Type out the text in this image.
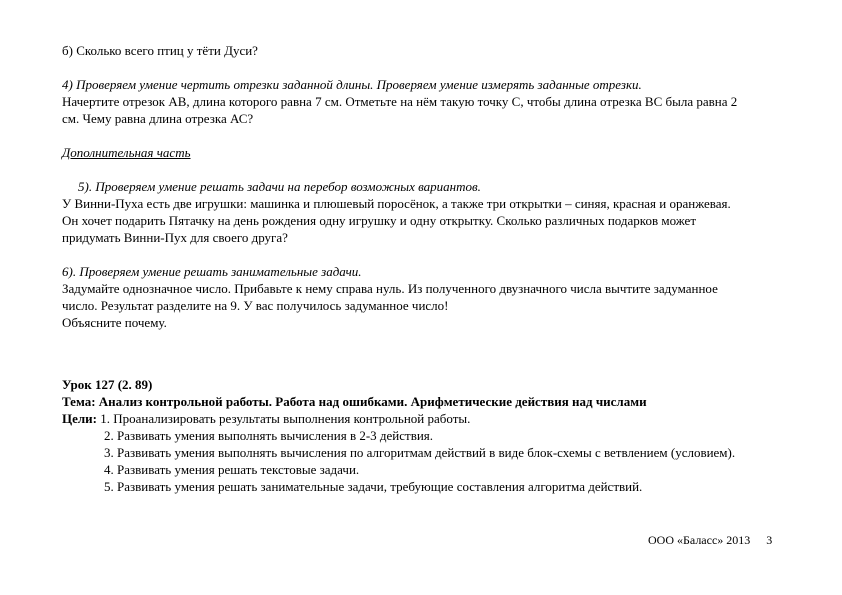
б) Сколько всего птиц у тёти Дуси?
4) Проверяем умение чертить отрезки заданной длины. Проверяем умение измерять заданные отрезки.
Начертите отрезок АВ, длина которого равна 7 см. Отметьте на нём такую точку С, чтобы длина отрезка ВС была равна 2
см. Чему равна длина отрезка АС?
Дополнительная часть
5). Проверяем умение решать задачи на перебор возможных вариантов.
У Винни-Пуха есть две игрушки: машинка и плюшевый поросёнок, а также три открытки – синяя, красная и оранжевая.
Он хочет подарить Пятачку на день рождения одну игрушку и одну открытку. Сколько различных подарков может
придумать Винни-Пух для своего друга?
6). Проверяем умение решать занимательные задачи.
Задумайте однозначное число. Прибавьте к нему справа нуль. Из полученного двузначного числа вычтите задуманное
число. Результат разделите на 9. У вас получилось задуманное число!
Объясните почему.
Урок 127 (2. 89)
Тема: Анализ контрольной работы. Работа над ошибками. Арифметические действия над числами
Цели: 1. Проанализировать результаты выполнения контрольной работы.
2. Развивать умения выполнять вычисления в 2-3 действия.
3. Развивать умения выполнять вычисления по алгоритмам действий в виде блок-схемы с ветвлением (условием).
4. Развивать умения решать текстовые задачи.
5. Развивать умения решать занимательные задачи, требующие составления алгоритма действий.
ООО «Баласс» 2013 3
